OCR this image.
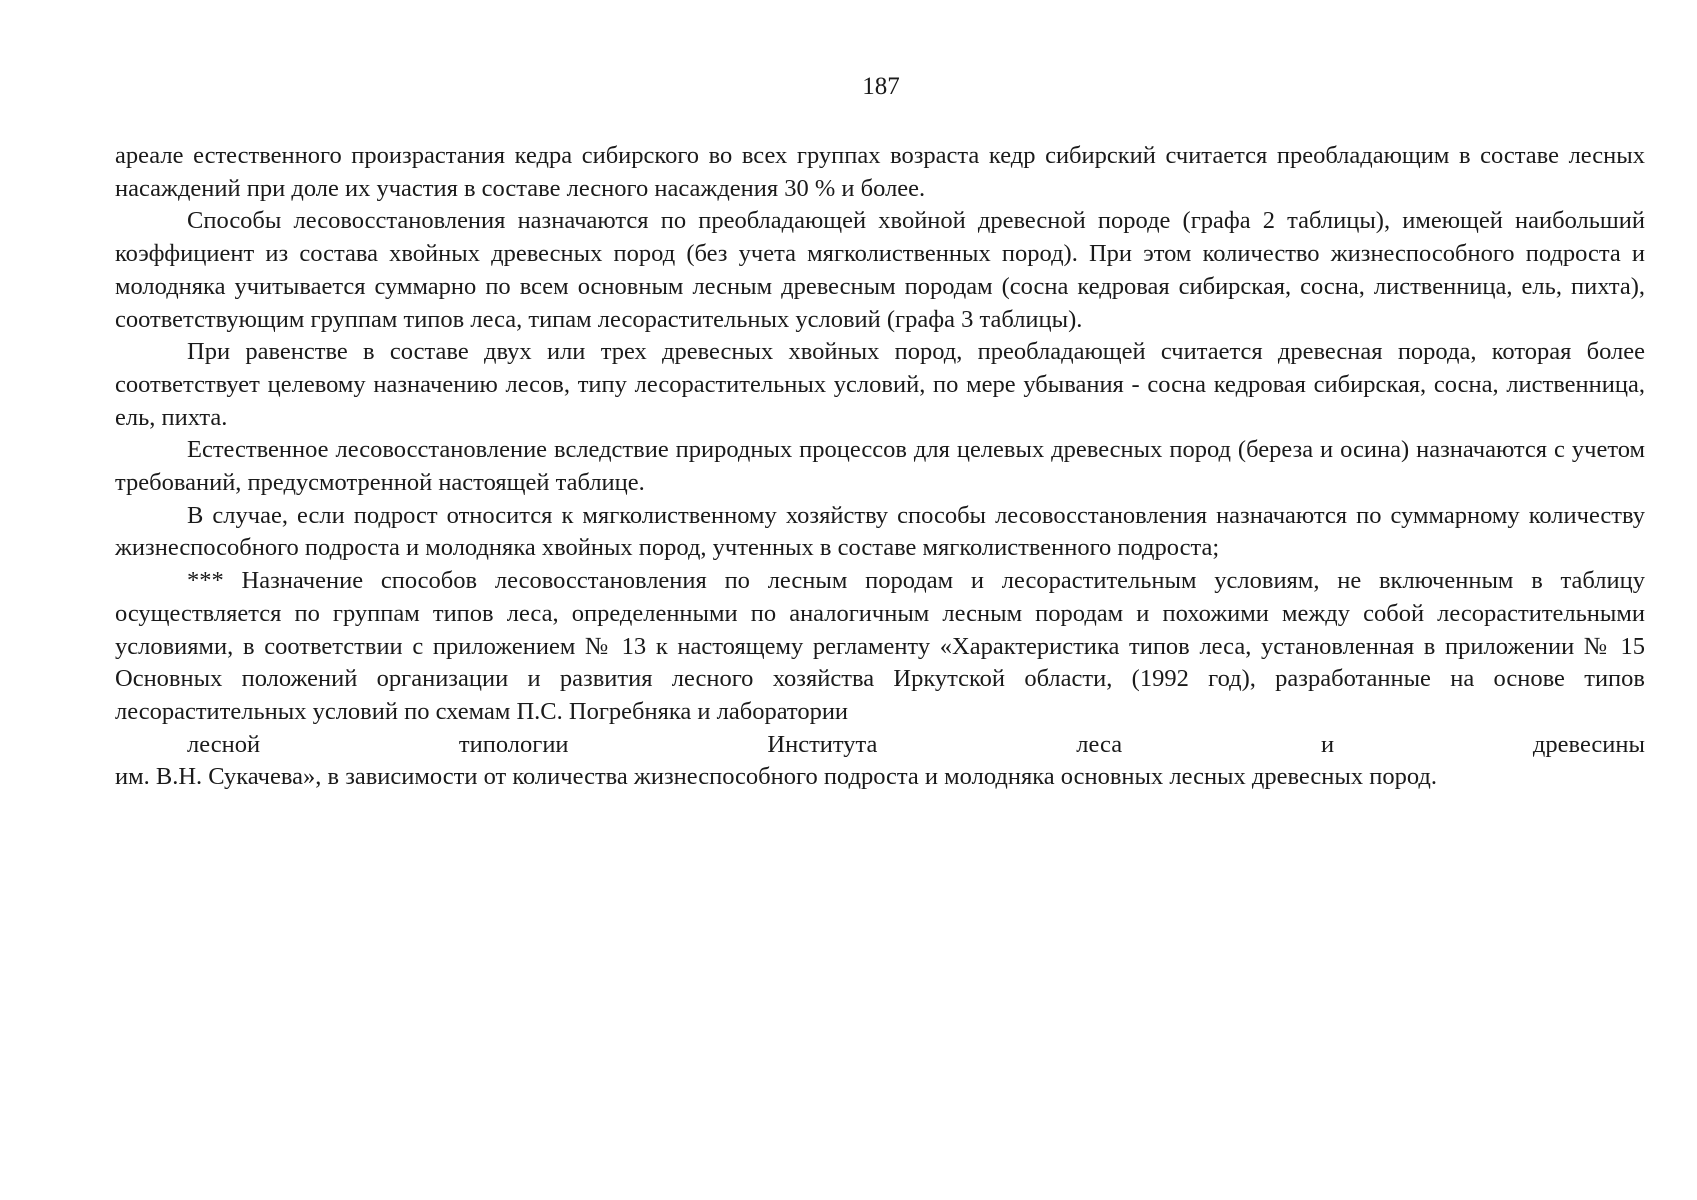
187

ареале естественного произрастания кедра сибирского во всех группах возраста кедр сибирский считается преобладающим в составе лесных насаждений при доле их участия в составе лесного насаждения 30 % и более.

Способы лесовосстановления назначаются по преобладающей хвойной древесной породе (графа 2 таблицы), имеющей наибольший коэффициент из состава хвойных древесных пород (без учета мягколиственных пород). При этом количество жизнеспособного подроста и молодняка учитывается суммарно по всем основным лесным древесным породам (сосна кедровая сибирская, сосна, лиственница, ель, пихта), соответствующим группам типов леса, типам лесорастительных условий (графа 3 таблицы).

При равенстве в составе двух или трех древесных хвойных пород, преобладающей считается древесная порода, которая более соответствует целевому назначению лесов, типу лесорастительных условий, по мере убывания - сосна кедровая сибирская, сосна, лиственница, ель, пихта.

Естественное лесовосстановление вследствие природных процессов для целевых древесных пород (береза и осина) назначаются с учетом требований, предусмотренной настоящей таблице.

В случае, если подрост относится к мягколиственному хозяйству способы лесовосстановления назначаются по суммарному количеству жизнеспособного подроста и молодняка хвойных пород, учтенных в составе мягколиственного подроста;

*** Назначение способов лесовосстановления по лесным породам и лесорастительным условиям, не включенным в таблицу осуществляется по группам типов леса, определенными по аналогичным лесным породам и похожими между собой лесорастительными условиями, в соответствии с приложением № 13 к настоящему регламенту «Характеристика типов леса, установленная в приложении № 15 Основных положений организации и развития лесного хозяйства Иркутской области, (1992 год), разработанные на основе типов лесорастительных условий по схемам П.С. Погребняка и лаборатории
лесной типологии Института леса и древесины
им. В.Н. Сукачева», в зависимости от количества жизнеспособного подроста и молодняка основных лесных древесных пород.
